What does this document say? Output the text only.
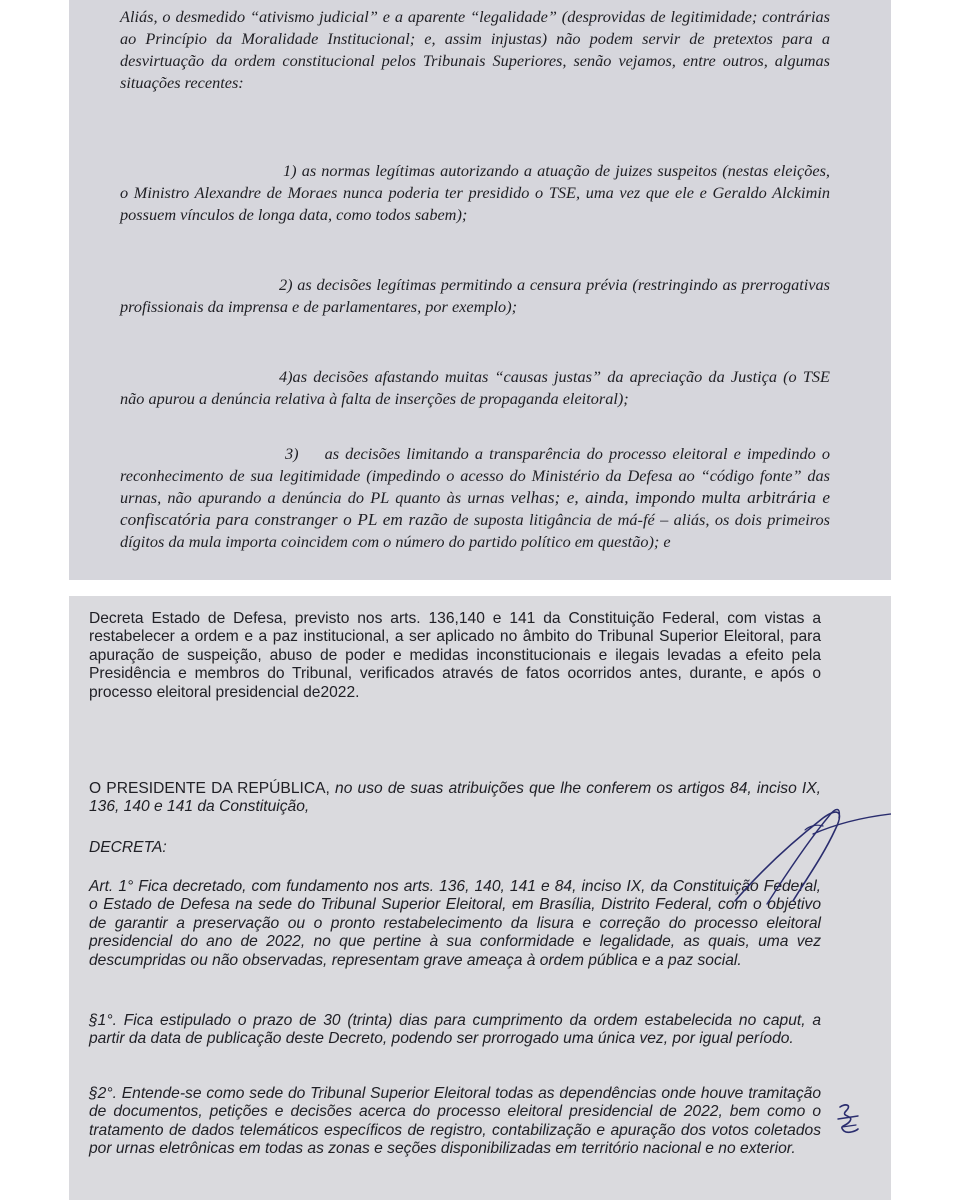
Aliás, o desmedido “ativismo judicial” e a aparente “legalidade” (desprovidas de legitimidade; contrárias ao Princípio da Moralidade Institucional; e, assim injustas) não podem servir de pretextos para a desvirtuação da ordem constitucional pelos Tribunais Superiores, senão vejamos, entre outros, algumas situações recentes:

1) as normas legítimas autorizando a atuação de juizes suspeitos (nestas eleições, o Ministro Alexandre de Moraes nunca poderia ter presidido o TSE, uma vez que ele e Geraldo Alckimin possuem vínculos de longa data, como todos sabem);

2) as decisões legítimas permitindo a censura prévia (restringindo as prerrogativas profissionais da imprensa e de parlamentares, por exemplo);

4)as decisões afastando muitas “causas justas” da apreciação da Justiça (o TSE não apurou a denúncia relativa à falta de inserções de propaganda eleitoral);

3) as decisões limitando a transparência do processo eleitoral e impedindo o reconhecimento de sua legitimidade (impedindo o acesso do Ministério da Defesa ao “código fonte” das urnas, não apurando a denúncia do PL quanto às urnas velhas; e, ainda, impondo multa arbitrária e confiscatória para constranger o PL em razão de suposta litigância de má-fé – aliás, os dois primeiros dígitos da mula importa coincidem com o número do partido político em questão); e

Decreta Estado de Defesa, previsto nos arts. 136,140 e 141 da Constituição Federal, com vistas a restabelecer a ordem e a paz institucional, a ser aplicado no âmbito do Tribunal Superior Eleitoral, para apuração de suspeição, abuso de poder e medidas inconstitucionais e ilegais levadas a efeito pela Presidência e membros do Tribunal, verificados através de fatos ocorridos antes, durante, e após o processo eleitoral presidencial de2022.

O PRESIDENTE DA REPÚBLICA, no uso de suas atribuições que lhe conferem os artigos 84, inciso IX, 136, 140 e 141 da Constituição,

DECRETA:

Art. 1° Fica decretado, com fundamento nos arts. 136, 140, 141 e 84, inciso IX, da Constituição Federal, o Estado de Defesa na sede do Tribunal Superior Eleitoral, em Brasília, Distrito Federal, com o objetivo de garantir a preservação ou o pronto restabelecimento da lisura e correção do processo eleitoral presidencial do ano de 2022, no que pertine à sua conformidade e legalidade, as quais, uma vez descumpridas ou não observadas, representam grave ameaça à ordem pública e a paz social.

§1°. Fica estipulado o prazo de 30 (trinta) dias para cumprimento da ordem estabelecida no caput, a partir da data de publicação deste Decreto, podendo ser prorrogado uma única vez, por igual período.

§2°. Entende-se como sede do Tribunal Superior Eleitoral todas as dependências onde houve tramitação de documentos, petições e decisões acerca do processo eleitoral presidencial de 2022, bem como o tratamento de dados telemáticos específicos de registro, contabilização e apuração dos votos coletados por urnas eletrônicas em todas as zonas e seções disponibilizadas em território nacional e no exterior.
